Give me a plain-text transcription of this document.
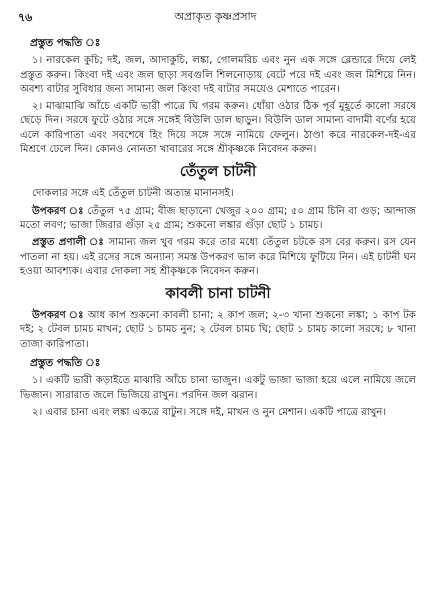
৭৬	অপ্রাকৃত কৃষ্ণপ্রসাদ
প্রস্তুত পদ্ধতি ঃ

১। নারকেল কুচি; দই, জল, আদাকুচি, লঙ্কা, গোলমরিচ এবং নুন এক সঙ্গে ব্লেন্ডারে দিয়ে লেই প্রস্তুত করুন। কিংবা দই এবং জল ছাড়া সবগুলি শিলনোড়ায় বেটে পরে দই এবং জল মিশিয়ে নিন। অবশ্য বাটার সুবিধার জন্য সামান্য জল কিংবা দই বাটার সময়েও মেশাতে পারেন।

২। মাঝামাঝি আঁচে একটি ভারী পাত্রে ঘি গরম করুন। ধোঁয়া ওঠার ঠিক পূর্ব মুহূর্তে কালো সরষে ছেড়ে দিন। সরষে ফুটে ওঠার সঙ্গে সঙ্গেই বিউলি ডাল ছাড়ুন। বিউলি ডাল সামান্য বাদামী বর্ণের হয়ে এলে কারিপাতা এবং সবশেষে হিং দিয়ে সঙ্গে সঙ্গে নামিয়ে ফেলুন। ঠাণ্ডা করে নারকেল-দই-এর মিশ্রণে ঢেলে দিন। কোনও নোনতা খাবারের সঙ্গে শ্রীকৃষ্ণকে নিবেদন করুন।

তেঁতুল চাটনী

দোকলার সঙ্গে এই তেঁতুল চাটনী অত্যন্ত মানানসই।

উপকরণ ঃ তেঁতুল ৭৫ গ্রাম; বীজ ছাড়ানো খেজুর ২০০ গ্রাম; ৫০ গ্রাম চিনি বা গুড়; আন্দাজ মতো লবণ; ভাজা জিরার গুঁড়া ২৫ গ্রাম; শুকনো লঙ্কার গুঁড়া ছোট ১ চামচ।

প্রস্তুত প্রণালী ঃ সামান্য জল খুব গরম করে তার মধ্যে তেঁতুল চটকে রস বের করুন। রস যেন পাতলা না হয়। এই রসের সঙ্গে অন্যান্য সমস্ত উপকরণ ভাল করে মিশিয়ে ফুটিয়ে নিন। এই চাটনী ঘন হওয়া আবশ্যক। এবার দোকলা সহ শ্রীকৃষ্ণকে নিবেদন করুন।

কাবলী চানা চাটনী

উপকরণ ঃ আধ কাপ শুকনো কাবলী চানা; ২ কাপ জল; ২-৩ খানা শুকনো লঙ্কা; ১ কাপ টক দই; ২ টেবল চামচ মাখন; ছোট ১ চামচ নুন; ২ টেবল চামচ ঘি; ছোট ১ চামচ কালো সরষে; ৮ খানা তাজা কারিপাতা।

প্রস্তুত পদ্ধতি ঃ

১। একটি ভারী কড়াইতে মাঝারি আঁচে চানা ভাজুন। একটু ভাজা ভাজা হয়ে এলে নামিয়ে জলে ভিজান। সারারাত জলে ভিজিয়ে রাখুন। পরদিন জল ঝরান।

২। এবার চানা এবং লঙ্কা একত্রে বাটুন। সঙ্গে দই, মাখন ও নুন মেশান। একটি পাত্রে রাখুন।
